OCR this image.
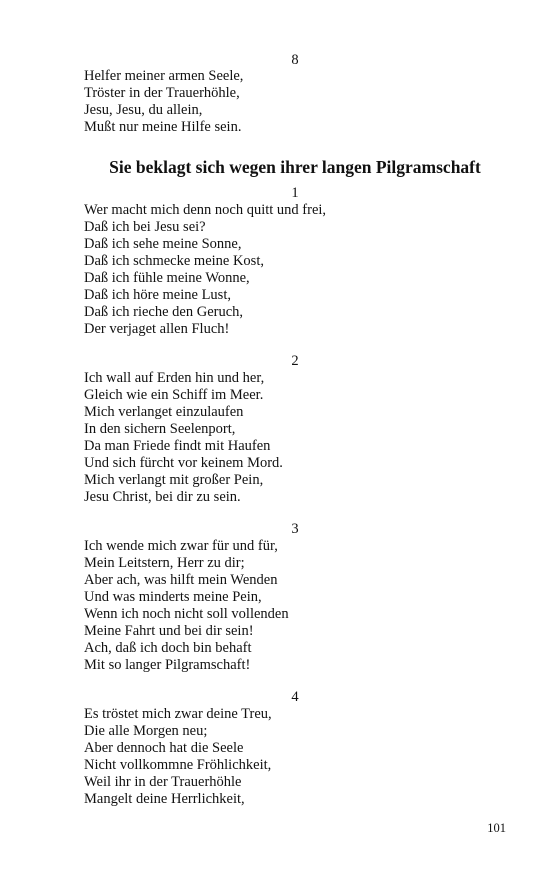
8
Helfer meiner armen Seele,
Tröster in der Trauerhöhle,
Jesu, Jesu, du allein,
Mußt nur meine Hilfe sein.
Sie beklagt sich wegen ihrer langen Pilgramschaft
1
Wer macht mich denn noch quitt und frei,
Daß ich bei Jesu sei?
Daß ich sehe meine Sonne,
Daß ich schmecke meine Kost,
Daß ich fühle meine Wonne,
Daß ich höre meine Lust,
Daß ich rieche den Geruch,
Der verjaget allen Fluch!
2
Ich wall auf Erden hin und her,
Gleich wie ein Schiff im Meer.
Mich verlanget einzulaufen
In den sichern Seelenport,
Da man Friede findt mit Haufen
Und sich fürcht vor keinem Mord.
Mich verlangt mit großer Pein,
Jesu Christ, bei dir zu sein.
3
Ich wende mich zwar für und für,
Mein Leitstern, Herr zu dir;
Aber ach, was hilft mein Wenden
Und was minderts meine Pein,
Wenn ich noch nicht soll vollenden
Meine Fahrt und bei dir sein!
Ach, daß ich doch bin behaft
Mit so langer Pilgramschaft!
4
Es tröstet mich zwar deine Treu,
Die alle Morgen neu;
Aber dennoch hat die Seele
Nicht vollkommne Fröhlichkeit,
Weil ihr in der Trauerhöhle
Mangelt deine Herrlichkeit,
101
